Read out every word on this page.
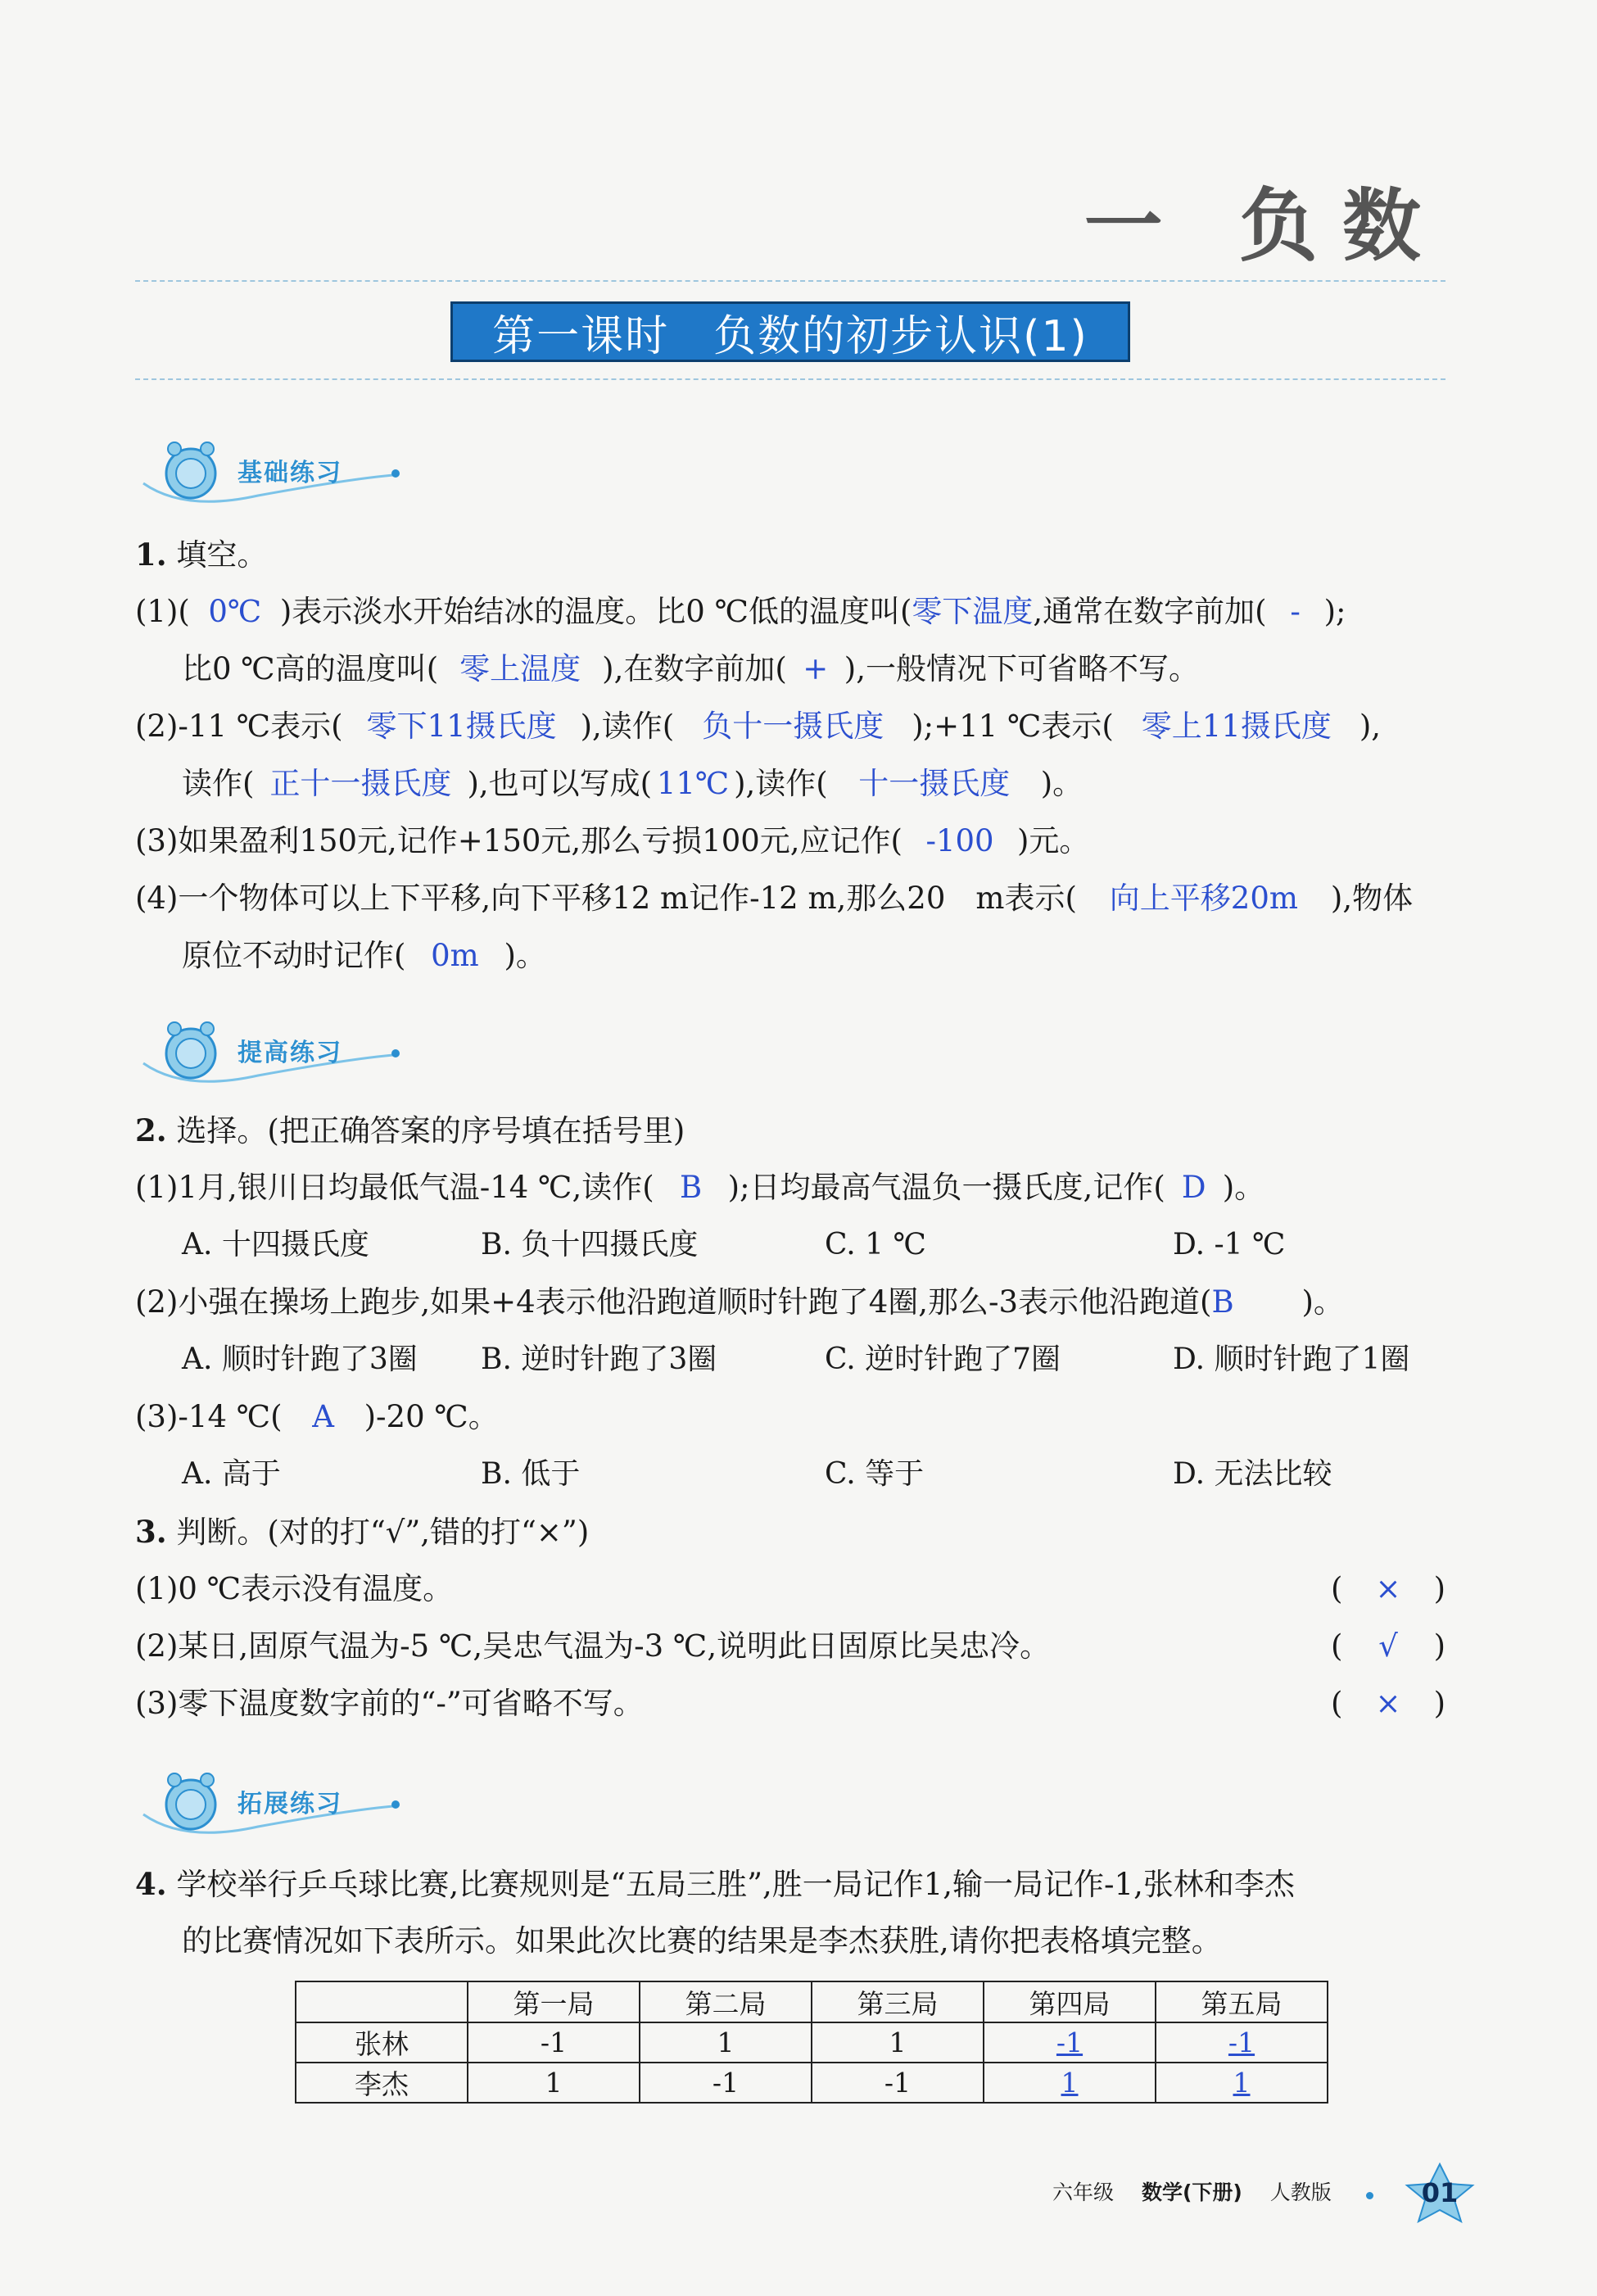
一 负数
第一课时　负数的初步认识(1)
基础练习
1. 填空。
(1)( 0℃ )表示淡水开始结冰的温度。比0 ℃低的温度叫(零下温度,通常在数字前加( - );
比0 ℃高的温度叫( 零上温度 ),在数字前加( + ),一般情况下可省略不写。
(2)-11 ℃表示( 零下11摄氏度 ),读作( 负十一摄氏度 );+11 ℃表示( 零上11摄氏度 ),
读作( 正十一摄氏度 ),也可以写成( 11℃ ),读作( 十一摄氏度 )。
(3)如果盈利150元,记作+150元,那么亏损100元,应记作( -100 )元。
(4)一个物体可以上下平移,向下平移12 m记作-12 m,那么20　m表示( 向上平移20m ),物体
原位不动时记作( 0m )。
提高练习
2. 选择。(把正确答案的序号填在括号里)
(1)1月,银川日均最低气温-14 ℃,读作( B );日均最高气温负一摄氏度,记作( D )。
A. 十四摄氏度	B. 负十四摄氏度	C. 1 ℃	D. -1 ℃
(2)小强在操场上跑步,如果+4表示他沿跑道顺时针跑了4圈,那么-3表示他沿跑道(B )。
A. 顺时针跑了3圈 B. 逆时针跑了3圈	C. 逆时针跑了7圈	D. 顺时针跑了1圈
(3)-14 ℃( A )-20 ℃。
A. 高于	B. 低于	C. 等于	D. 无法比较
3. 判断。(对的打“√”,错的打“×”)
(1)0 ℃表示没有温度。	( × )
(2)某日,固原气温为-5 ℃,吴忠气温为-3 ℃,说明此日固原比吴忠冷。	( √ )
(3)零下温度数字前的“-”可省略不写。	( × )
拓展练习
4. 学校举行乒乓球比赛,比赛规则是“五局三胜”,胜一局记作1,输一局记作-1,张林和李杰
的比赛情况如下表所示。如果此次比赛的结果是李杰获胜,请你把表格填完整。
	第一局	第二局	第三局	第四局	第五局
张林	-1	1	1	-1	-1
李杰	1	-1	-1	1	1
六年级 数学(下册) 人教版	01
